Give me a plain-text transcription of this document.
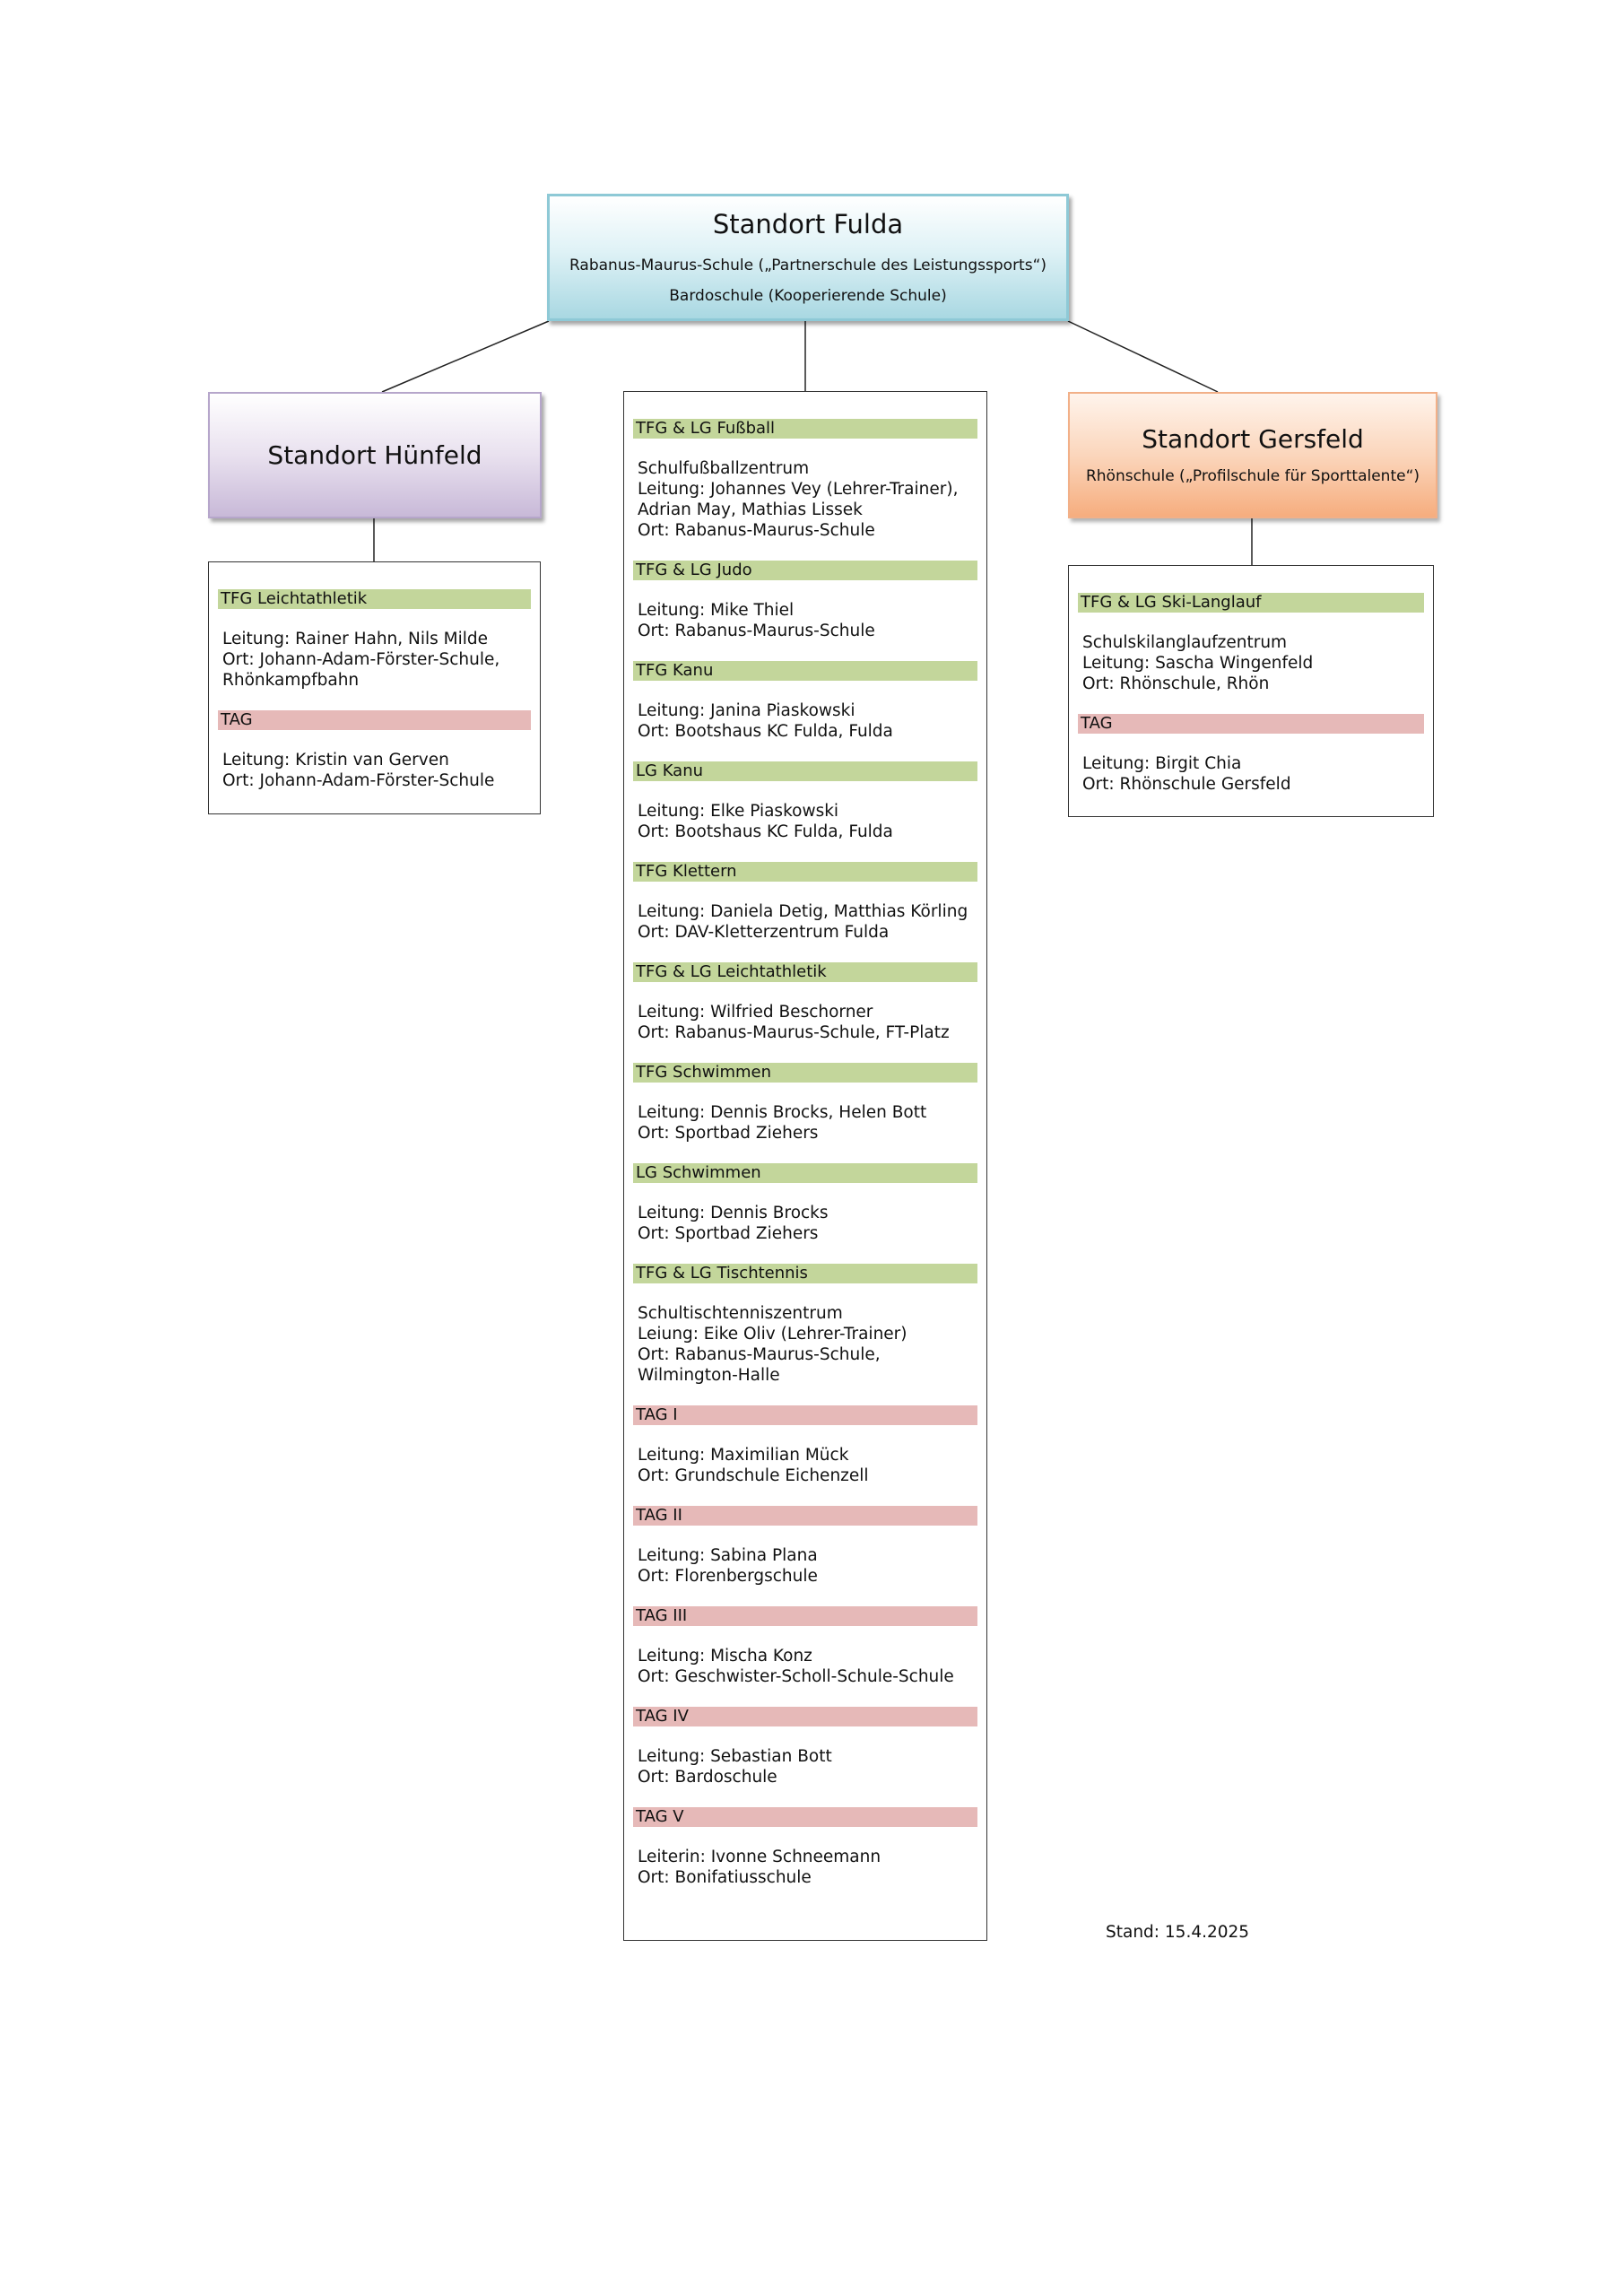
Standort Fulda
Rabanus-Maurus-Schule („Partnerschule des Leistungssports“)
Bardoschule (Kooperierende Schule)
Standort Hünfeld
Standort Gersfeld
Rhönschule („Profilschule für Sporttalente“)
TFG Leichtathletik
Leitung: Rainer Hahn, Nils Milde
Ort: Johann-Adam-Förster-Schule,
Rhönkampfbahn
TAG
Leitung: Kristin van Gerven
Ort: Johann-Adam-Förster-Schule
TFG & LG Fußball
Schulfußballzentrum
Leitung: Johannes Vey (Lehrer-Trainer),
Adrian May, Mathias Lissek
Ort: Rabanus-Maurus-Schule
TFG & LG Judo
Leitung: Mike Thiel
Ort: Rabanus-Maurus-Schule
TFG Kanu
Leitung: Janina Piaskowski
Ort: Bootshaus KC Fulda, Fulda
LG Kanu
Leitung: Elke Piaskowski
Ort: Bootshaus KC Fulda, Fulda
TFG Klettern
Leitung: Daniela Detig, Matthias Körling
Ort: DAV-Kletterzentrum Fulda
TFG & LG Leichtathletik
Leitung: Wilfried Beschorner
Ort: Rabanus-Maurus-Schule, FT-Platz
TFG Schwimmen
Leitung: Dennis Brocks, Helen Bott
Ort: Sportbad Ziehers
LG Schwimmen
Leitung: Dennis Brocks
Ort: Sportbad Ziehers
TFG & LG Tischtennis
Schultischtenniszentrum
Leiung: Eike Oliv (Lehrer-Trainer)
Ort: Rabanus-Maurus-Schule,
Wilmington-Halle
TAG I
Leitung: Maximilian Mück
Ort: Grundschule Eichenzell
TAG II
Leitung: Sabina Plana
Ort: Florenbergschule
TAG III
Leitung: Mischa Konz
Ort: Geschwister-Scholl-Schule-Schule
TAG IV
Leitung: Sebastian Bott
Ort: Bardoschule
TAG V
Leiterin: Ivonne Schneemann
Ort: Bonifatiusschule
TFG & LG Ski-Langlauf
Schulskilanglaufzentrum
Leitung: Sascha Wingenfeld
Ort: Rhönschule, Rhön
TAG
Leitung: Birgit Chia
Ort: Rhönschule Gersfeld
Stand: 15.4.2025
